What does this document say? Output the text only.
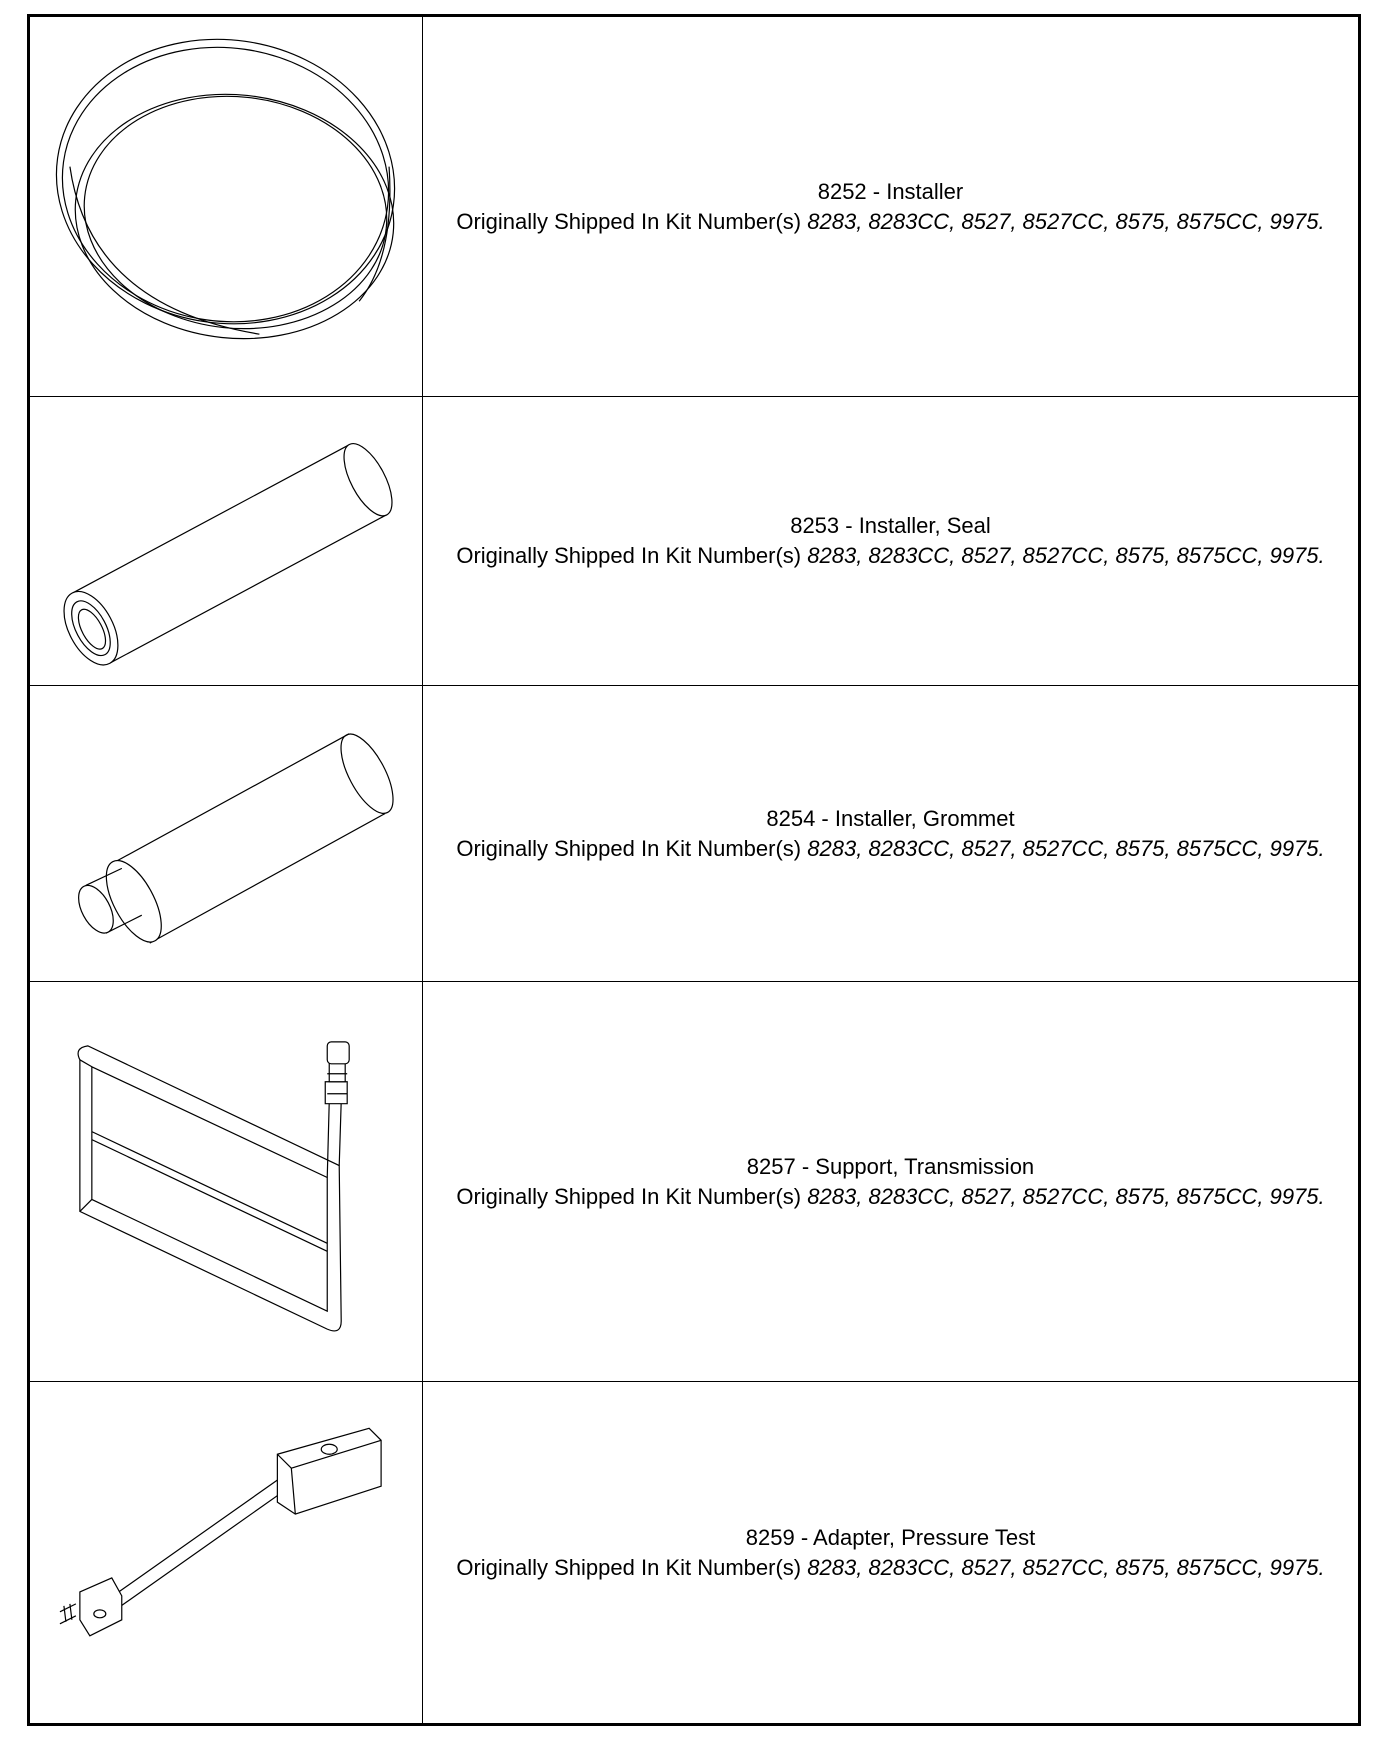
8252 - Installer
Originally Shipped In Kit Number(s) 8283, 8283CC, 8527, 8527CC, 8575, 8575CC, 9975.
8253 - Installer, Seal
Originally Shipped In Kit Number(s) 8283, 8283CC, 8527, 8527CC, 8575, 8575CC, 9975.
8254 - Installer, Grommet
Originally Shipped In Kit Number(s) 8283, 8283CC, 8527, 8527CC, 8575, 8575CC, 9975.
8257 - Support, Transmission
Originally Shipped In Kit Number(s) 8283, 8283CC, 8527, 8527CC, 8575, 8575CC, 9975.
8259 - Adapter, Pressure Test
Originally Shipped In Kit Number(s) 8283, 8283CC, 8527, 8527CC, 8575, 8575CC, 9975.
